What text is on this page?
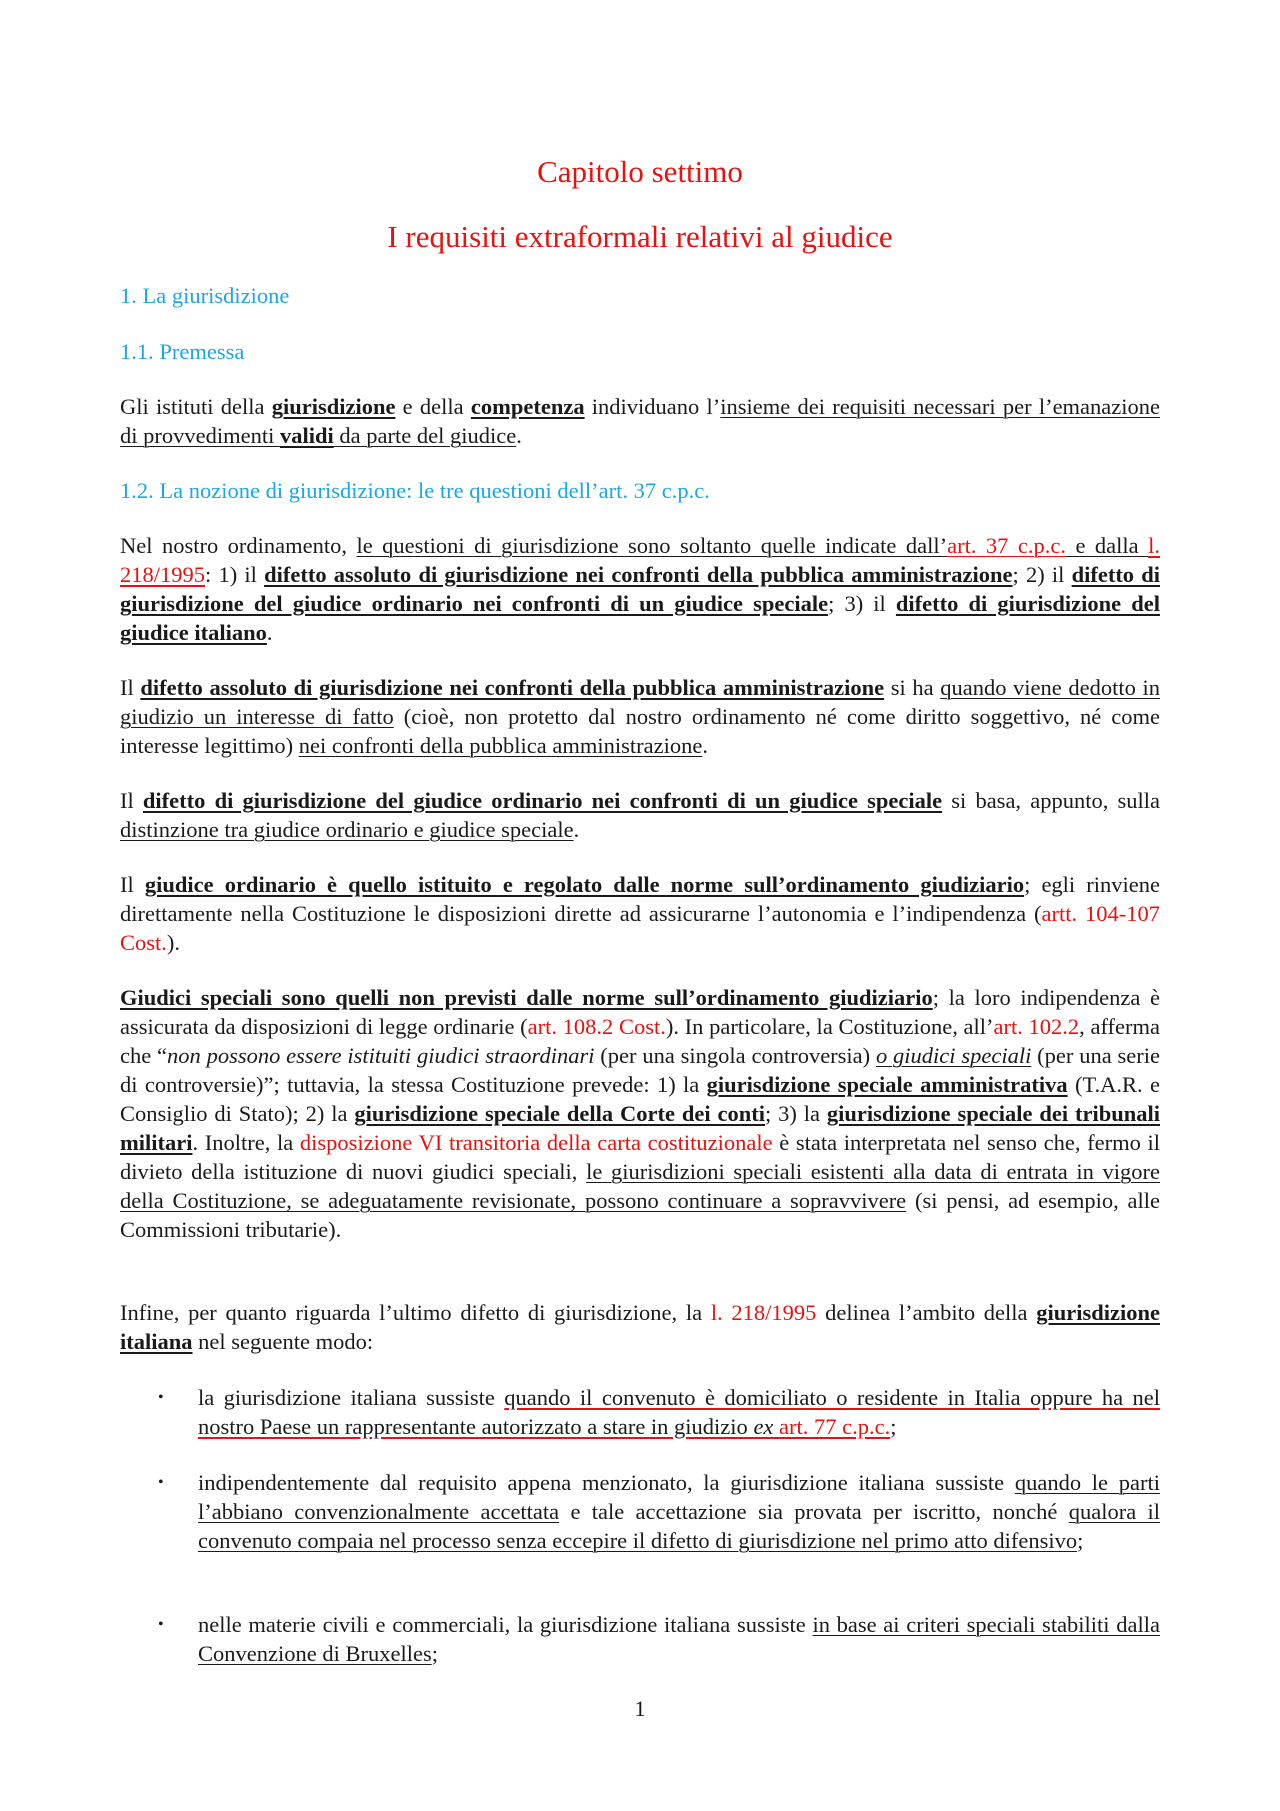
Capitolo settimo
I requisiti extraformali relativi al giudice
1. La giurisdizione
1.1. Premessa
Gli istituti della giurisdizione e della competenza individuano l’insieme dei requisiti necessari per l’emanazione di provvedimenti validi da parte del giudice.
1.2. La nozione di giurisdizione: le tre questioni dell’art. 37 c.p.c.
Nel nostro ordinamento, le questioni di giurisdizione sono soltanto quelle indicate dall’art. 37 c.p.c. e dalla l. 218/1995: 1) il difetto assoluto di giurisdizione nei confronti della pubblica amministrazione; 2) il difetto di giurisdizione del giudice ordinario nei confronti di un giudice speciale; 3) il difetto di giurisdizione del giudice italiano.
Il difetto assoluto di giurisdizione nei confronti della pubblica amministrazione si ha quando viene dedotto in giudizio un interesse di fatto (cioè, non protetto dal nostro ordinamento né come diritto soggettivo, né come interesse legittimo) nei confronti della pubblica amministrazione.
Il difetto di giurisdizione del giudice ordinario nei confronti di un giudice speciale si basa, appunto, sulla distinzione tra giudice ordinario e giudice speciale.
Il giudice ordinario è quello istituito e regolato dalle norme sull’ordinamento giudiziario; egli rinviene direttamente nella Costituzione le disposizioni dirette ad assicurarne l’autonomia e l’indipendenza (artt. 104-107 Cost.).
Giudici speciali sono quelli non previsti dalle norme sull’ordinamento giudiziario; la loro indipendenza è assicurata da disposizioni di legge ordinarie (art. 108.2 Cost.). In particolare, la Costituzione, all’art. 102.2, afferma che “non possono essere istituiti giudici straordinari (per una singola controversia) o giudici speciali (per una serie di controversie)”; tuttavia, la stessa Costituzione prevede: 1) la giurisdizione speciale amministrativa (T.A.R. e Consiglio di Stato); 2) la giurisdizione speciale della Corte dei conti; 3) la giurisdizione speciale dei tribunali militari. Inoltre, la disposizione VI transitoria della carta costituzionale è stata interpretata nel senso che, fermo il divieto della istituzione di nuovi giudici speciali, le giurisdizioni speciali esistenti alla data di entrata in vigore della Costituzione, se adeguatamente revisionate, possono continuare a sopravvivere (si pensi, ad esempio, alle Commissioni tributarie).
Infine, per quanto riguarda l’ultimo difetto di giurisdizione, la l. 218/1995 delinea l’ambito della giurisdizione italiana nel seguente modo:
• la giurisdizione italiana sussiste quando il convenuto è domiciliato o residente in Italia oppure ha nel nostro Paese un rappresentante autorizzato a stare in giudizio ex art. 77 c.p.c.;
• indipendentemente dal requisito appena menzionato, la giurisdizione italiana sussiste quando le parti l’abbiano convenzionalmente accettata e tale accettazione sia provata per iscritto, nonché qualora il convenuto compaia nel processo senza eccepire il difetto di giurisdizione nel primo atto difensivo;
• nelle materie civili e commerciali, la giurisdizione italiana sussiste in base ai criteri speciali stabiliti dalla Convenzione di Bruxelles;
1
